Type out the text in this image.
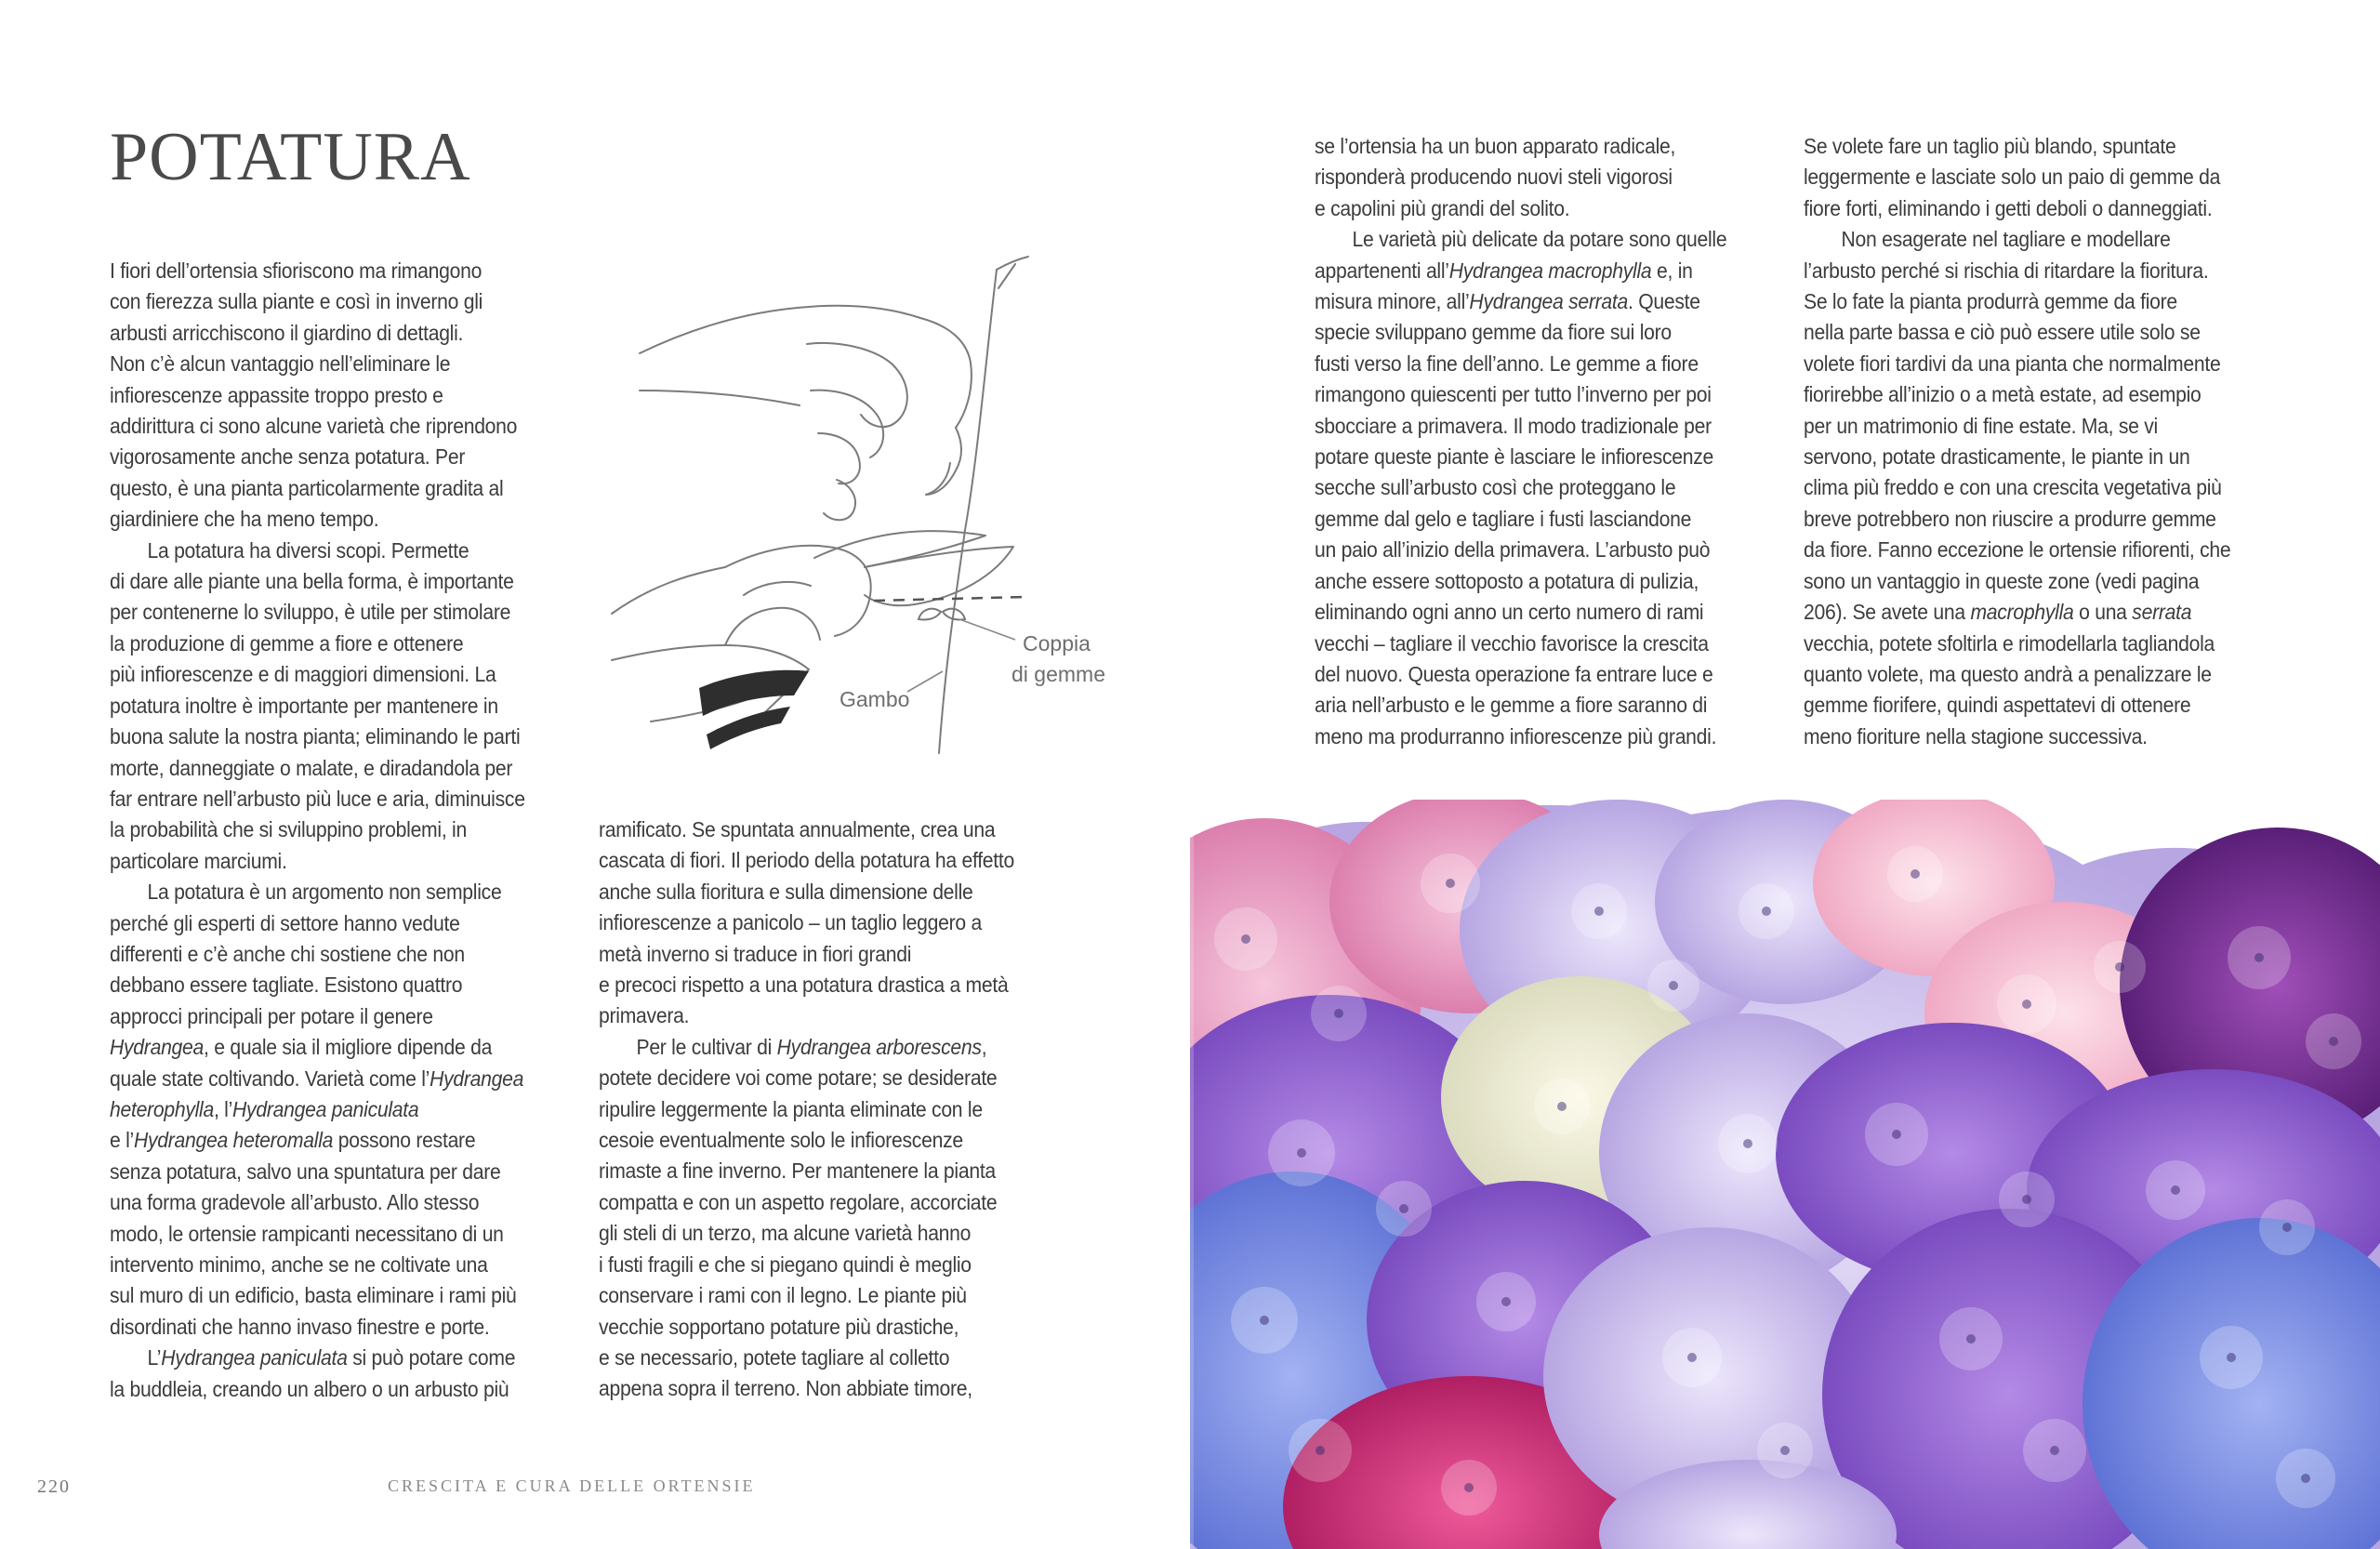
POTATURA

I fiori dell’ortensia sfioriscono ma rimangono
con fierezza sulla piante e così in inverno gli
arbusti arricchiscono il giardino di dettagli.
Non c’è alcun vantaggio nell’eliminare le
infiorescenze appassite troppo presto e
addirittura ci sono alcune varietà che riprendono
vigorosamente anche senza potatura. Per
questo, è una pianta particolarmente gradita al
giardiniere che ha meno tempo.

La potatura ha diversi scopi. Permette
di dare alle piante una bella forma, è importante
per contenerne lo sviluppo, è utile per stimolare
la produzione di gemme a fiore e ottenere
più infiorescenze e di maggiori dimensioni. La
potatura inoltre è importante per mantenere in
buona salute la nostra pianta; eliminando le parti
morte, danneggiate o malate, e diradandola per
far entrare nell’arbusto più luce e aria, diminuisce
la probabilità che si sviluppino problemi, in
particolare marciumi.

La potatura è un argomento non semplice
perché gli esperti di settore hanno vedute
differenti e c’è anche chi sostiene che non
debbano essere tagliate. Esistono quattro
approcci principali per potare il genere
Hydrangea, e quale sia il migliore dipende da
quale state coltivando. Varietà come l’Hydrangea
heterophylla, l’Hydrangea paniculata
e l’Hydrangea heteromalla possono restare
senza potatura, salvo una spuntatura per dare
una forma gradevole all’arbusto. Allo stesso
modo, le ortensie rampicanti necessitano di un
intervento minimo, anche se ne coltivate una
sul muro di un edificio, basta eliminare i rami più
disordinati che hanno invaso finestre e porte.

L’Hydrangea paniculata si può potare come
la buddleia, creando un albero o un arbusto più

Coppia
di gemme
Gambo

ramificato. Se spuntata annualmente, crea una
cascata di fiori. Il periodo della potatura ha effetto
anche sulla fioritura e sulla dimensione delle
infiorescenze a panicolo – un taglio leggero a
metà inverno si traduce in fiori grandi
e precoci rispetto a una potatura drastica a metà
primavera.

Per le cultivar di Hydrangea arborescens,
potete decidere voi come potare; se desiderate
ripulire leggermente la pianta eliminate con le
cesoie eventualmente solo le infiorescenze
rimaste a fine inverno. Per mantenere la pianta
compatta e con un aspetto regolare, accorciate
gli steli di un terzo, ma alcune varietà hanno
i fusti fragili e che si piegano quindi è meglio
conservare i rami con il legno. Le piante più
vecchie sopportano potature più drastiche,
e se necessario, potete tagliare al colletto
appena sopra il terreno. Non abbiate timore,

220	CRESCITA E CURA DELLE ORTENSIE

se l’ortensia ha un buon apparato radicale,
risponderà producendo nuovi steli vigorosi
e capolini più grandi del solito.

Le varietà più delicate da potare sono quelle
appartenenti all’Hydrangea macrophylla e, in
misura minore, all’Hydrangea serrata. Queste
specie sviluppano gemme da fiore sui loro
fusti verso la fine dell’anno. Le gemme a fiore
rimangono quiescenti per tutto l’inverno per poi
sbocciare a primavera. Il modo tradizionale per
potare queste piante è lasciare le infiorescenze
secche sull’arbusto così che proteggano le
gemme dal gelo e tagliare i fusti lasciandone
un paio all’inizio della primavera. L’arbusto può
anche essere sottoposto a potatura di pulizia,
eliminando ogni anno un certo numero di rami
vecchi – tagliare il vecchio favorisce la crescita
del nuovo. Questa operazione fa entrare luce e
aria nell’arbusto e le gemme a fiore saranno di
meno ma produrranno infiorescenze più grandi.

Se volete fare un taglio più blando, spuntate
leggermente e lasciate solo un paio di gemme da
fiore forti, eliminando i getti deboli o danneggiati.

Non esagerate nel tagliare e modellare
l’arbusto perché si rischia di ritardare la fioritura.
Se lo fate la pianta produrrà gemme da fiore
nella parte bassa e ciò può essere utile solo se
volete fiori tardivi da una pianta che normalmente
fiorirebbe all’inizio o a metà estate, ad esempio
per un matrimonio di fine estate. Ma, se vi
servono, potate drasticamente, le piante in un
clima più freddo e con una crescita vegetativa più
breve potrebbero non riuscire a produrre gemme
da fiore. Fanno eccezione le ortensie rifiorenti, che
sono un vantaggio in queste zone (vedi pagina
206). Se avete una macrophylla o una serrata
vecchia, potete sfoltirla e rimodellarla tagliandola
quanto volete, ma questo andrà a penalizzare le
gemme fiorifere, quindi aspettatevi di ottenere
meno fioriture nella stagione successiva.
